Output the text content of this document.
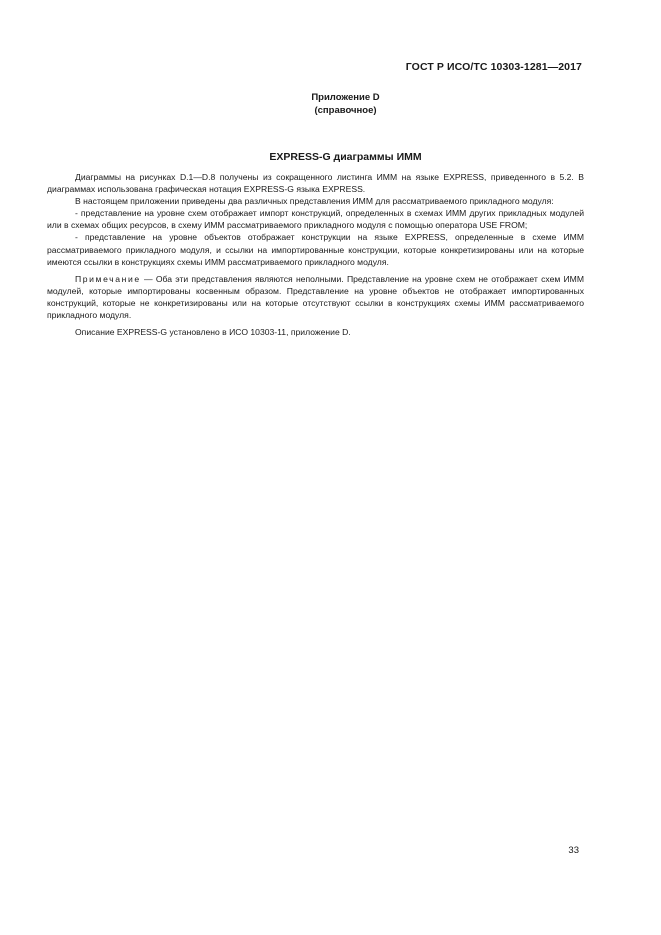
ГОСТ Р ИСО/ТС 10303-1281—2017
Приложение D
(справочное)
EXPRESS-G диаграммы ИММ

Диаграммы на рисунках D.1—D.8 получены из сокращенного листинга ИММ на языке EXPRESS, приведенного в 5.2. В диаграммах использована графическая нотация EXPRESS-G языка EXPRESS.

В настоящем приложении приведены два различных представления ИММ для рассматриваемого прикладного модуля:

- представление на уровне схем отображает импорт конструкций, определенных в схемах ИММ других прикладных модулей или в схемах общих ресурсов, в схему ИММ рассматриваемого прикладного модуля с помощью оператора USE FROM;

- представление на уровне объектов отображает конструкции на языке EXPRESS, определенные в схеме ИММ рассматриваемого прикладного модуля, и ссылки на импортированные конструкции, которые конкретизированы или на которые имеются ссылки в конструкциях схемы ИММ рассматриваемого прикладного модуля.

Примечание — Оба эти представления являются неполными. Представление на уровне схем не отображает схем ИММ модулей, которые импортированы косвенным образом. Представление на уровне объектов не отображает импортированных конструкций, которые не конкретизированы или на которые отсутствуют ссылки в конструкциях схемы ИММ рассматриваемого прикладного модуля.

Описание EXPRESS-G установлено в ИСО 10303-11, приложение D.

33
